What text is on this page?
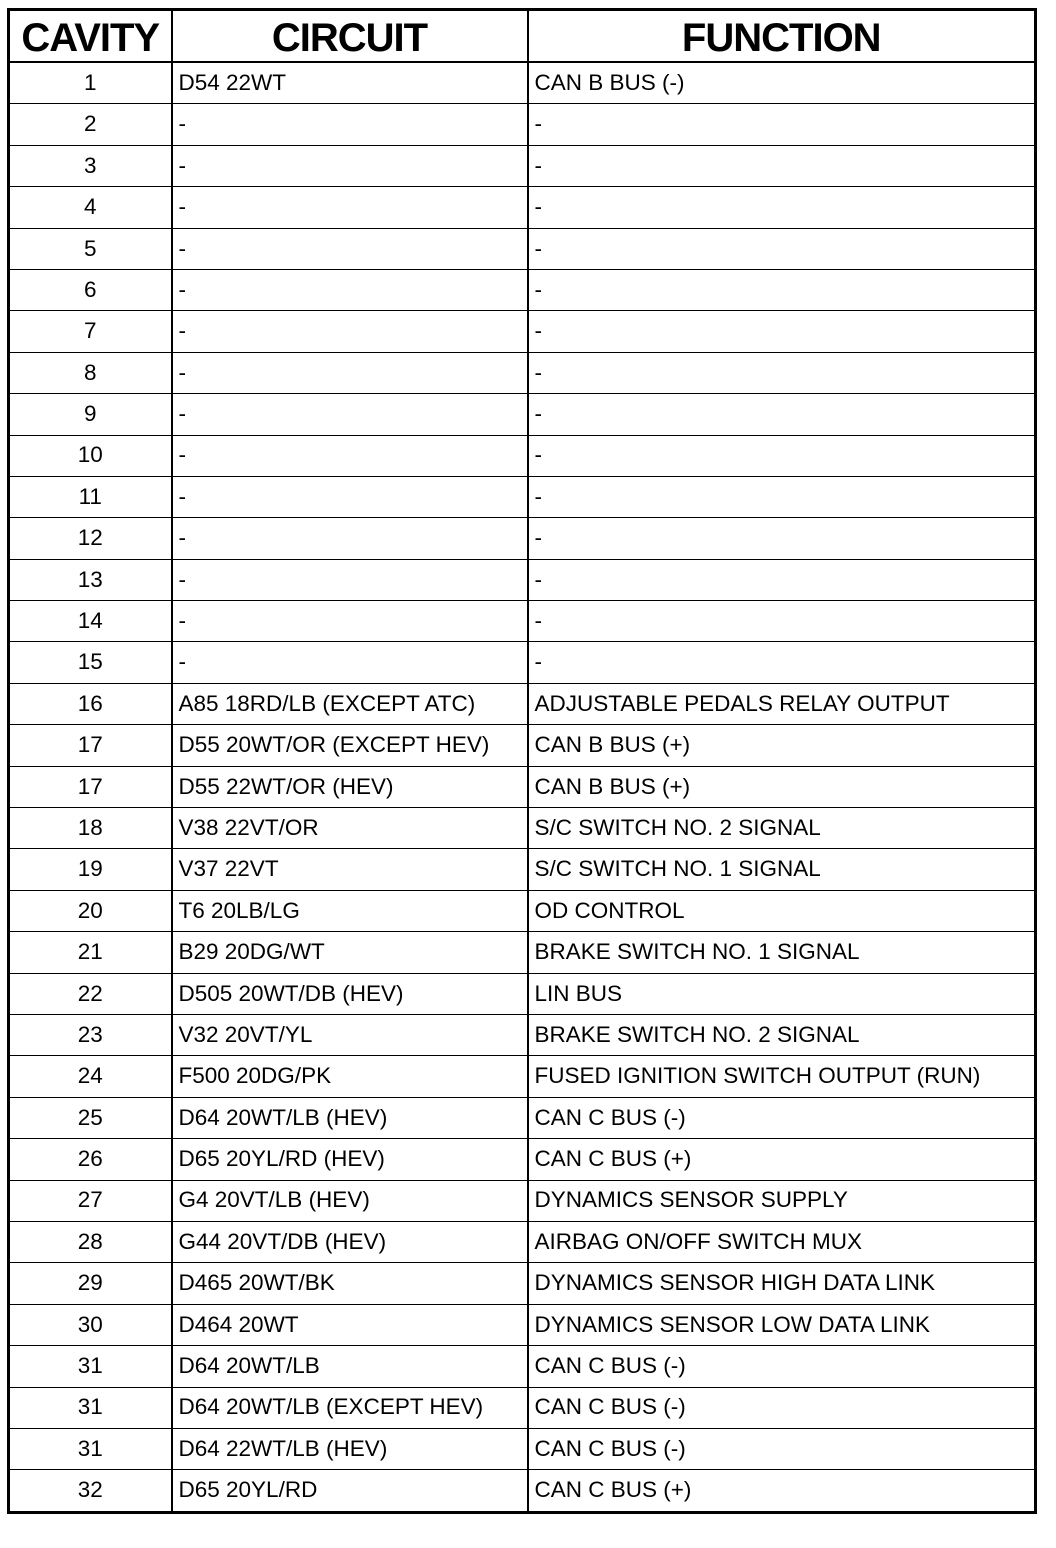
CAVITY	CIRCUIT	FUNCTION
1	D54 22WT	CAN B BUS (-)
2	-	-
3	-	-
4	-	-
5	-	-
6	-	-
7	-	-
8	-	-
9	-	-
10	-	-
11	-	-
12	-	-
13	-	-
14	-	-
15	-	-
16	A85 18RD/LB (EXCEPT ATC)	ADJUSTABLE PEDALS RELAY OUTPUT
17	D55 20WT/OR (EXCEPT HEV)	CAN B BUS (+)
17	D55 22WT/OR (HEV)	CAN B BUS (+)
18	V38 22VT/OR	S/C SWITCH NO. 2 SIGNAL
19	V37 22VT	S/C SWITCH NO. 1 SIGNAL
20	T6 20LB/LG	OD CONTROL
21	B29 20DG/WT	BRAKE SWITCH NO. 1 SIGNAL
22	D505 20WT/DB (HEV)	LIN BUS
23	V32 20VT/YL	BRAKE SWITCH NO. 2 SIGNAL
24	F500 20DG/PK	FUSED IGNITION SWITCH OUTPUT (RUN)
25	D64 20WT/LB (HEV)	CAN C BUS (-)
26	D65 20YL/RD (HEV)	CAN C BUS (+)
27	G4 20VT/LB (HEV)	DYNAMICS SENSOR SUPPLY
28	G44 20VT/DB (HEV)	AIRBAG ON/OFF SWITCH MUX
29	D465 20WT/BK	DYNAMICS SENSOR HIGH DATA LINK
30	D464 20WT	DYNAMICS SENSOR LOW DATA LINK
31	D64 20WT/LB	CAN C BUS (-)
31	D64 20WT/LB (EXCEPT HEV)	CAN C BUS (-)
31	D64 22WT/LB (HEV)	CAN C BUS (-)
32	D65 20YL/RD	CAN C BUS (+)
